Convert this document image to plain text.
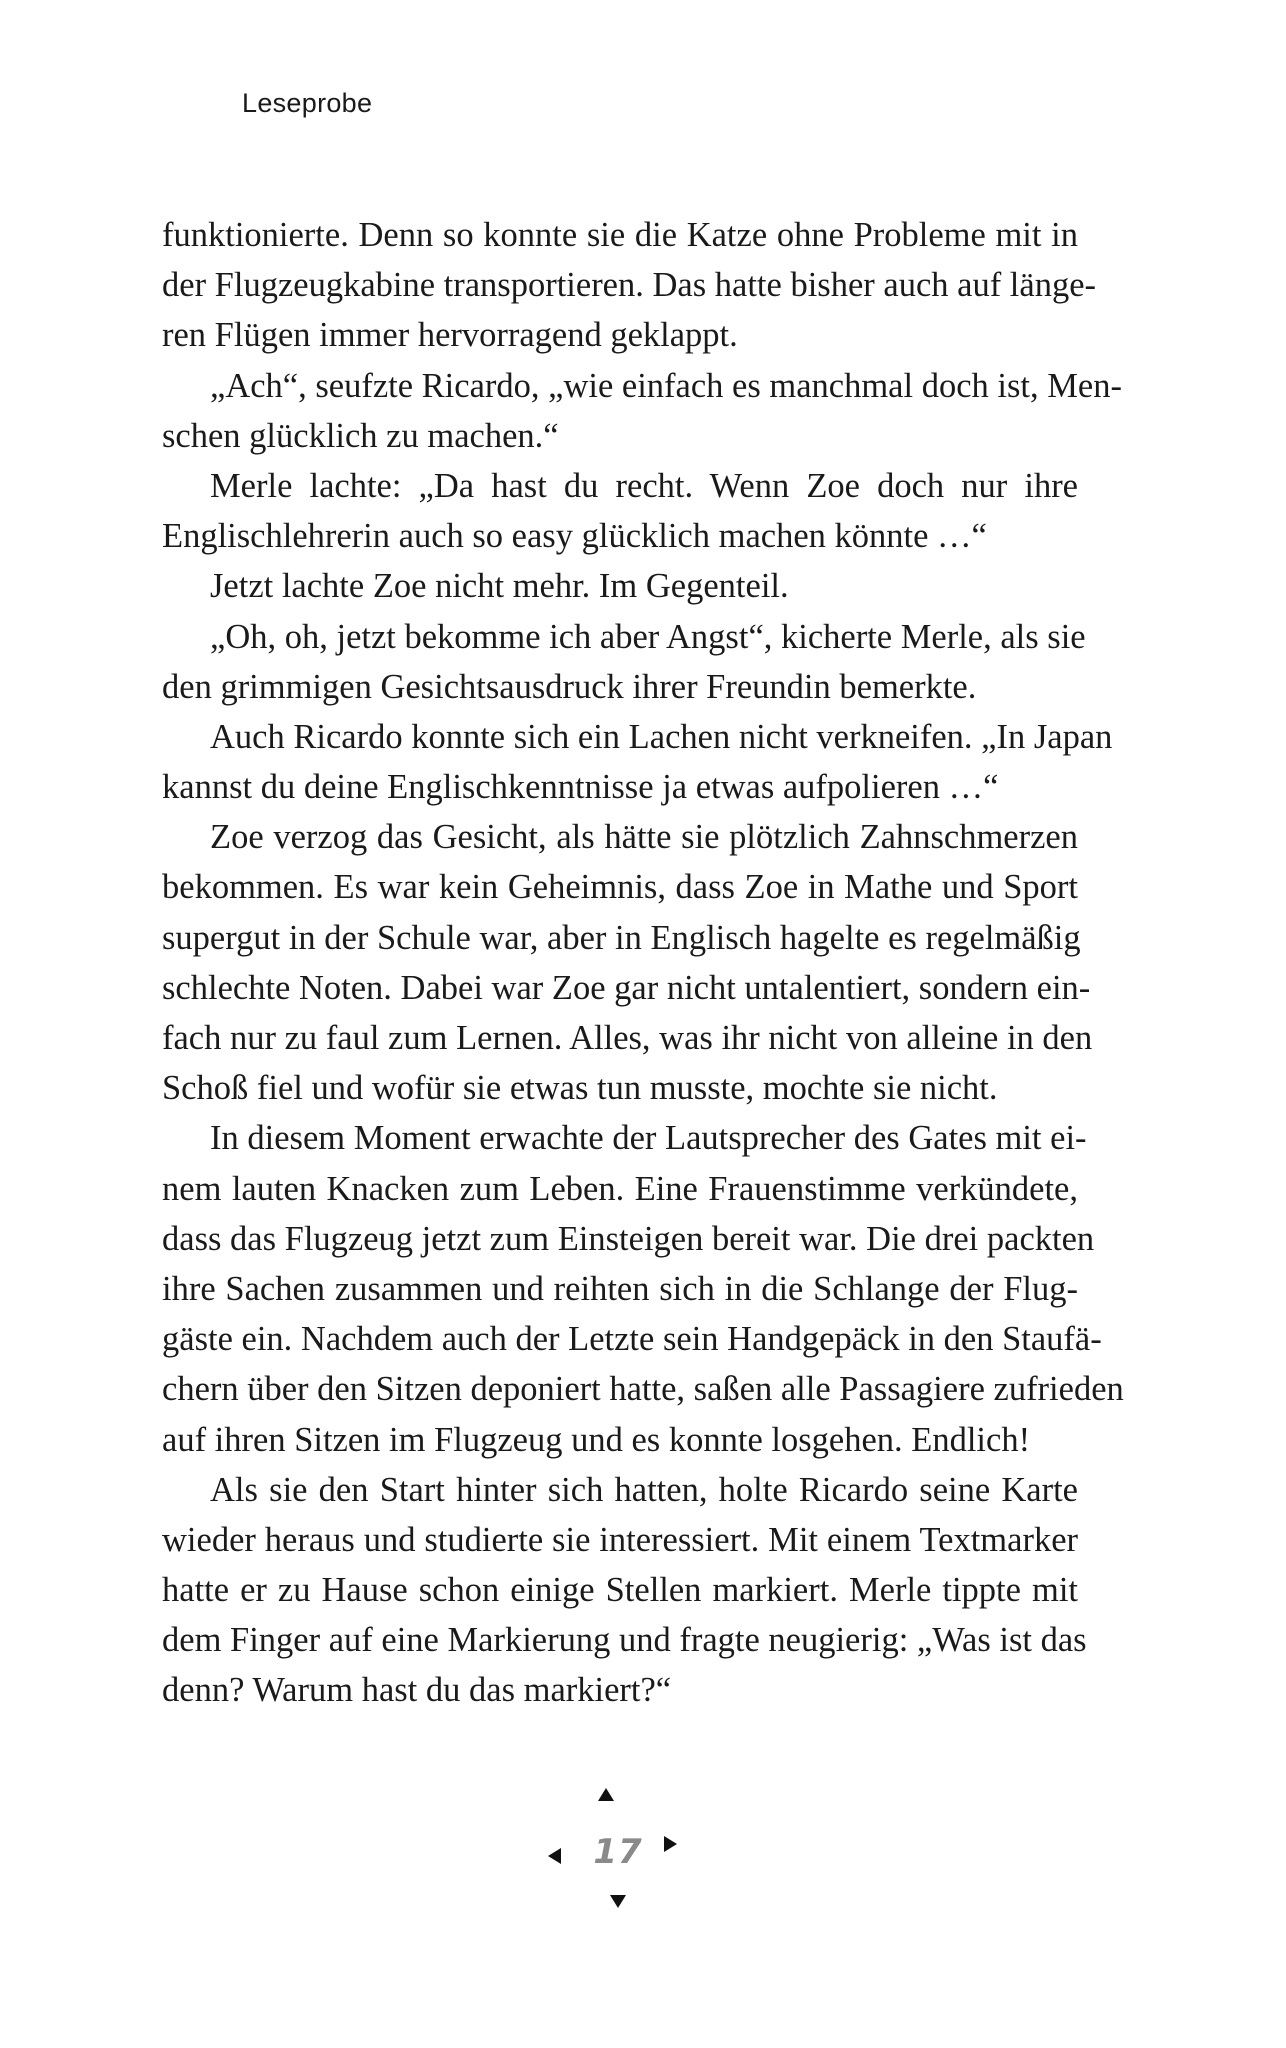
Leseprobe
funktionierte. Denn so konnte sie die Katze ohne Probleme mit in
der Flugzeugkabine transportieren. Das hatte bisher auch auf länge-
ren Flügen immer hervorragend geklappt.
„Ach“, seufzte Ricardo, „wie einfach es manchmal doch ist, Men-
schen glücklich zu machen.“
Merle lachte: „Da hast du recht. Wenn Zoe doch nur ihre
Englischlehrerin auch so easy glücklich machen könnte …“
Jetzt lachte Zoe nicht mehr. Im Gegenteil.
„Oh, oh, jetzt bekomme ich aber Angst“, kicherte Merle, als sie
den grimmigen Gesichtsausdruck ihrer Freundin bemerkte.
Auch Ricardo konnte sich ein Lachen nicht verkneifen. „In Japan
kannst du deine Englischkenntnisse ja etwas aufpolieren …“
Zoe verzog das Gesicht, als hätte sie plötzlich Zahnschmerzen
bekommen. Es war kein Geheimnis, dass Zoe in Mathe und Sport
supergut in der Schule war, aber in Englisch hagelte es regelmäßig
schlechte Noten. Dabei war Zoe gar nicht untalentiert, sondern ein-
fach nur zu faul zum Lernen. Alles, was ihr nicht von alleine in den
Schoß fiel und wofür sie etwas tun musste, mochte sie nicht.
In diesem Moment erwachte der Lautsprecher des Gates mit ei-
nem lauten Knacken zum Leben. Eine Frauenstimme verkündete,
dass das Flugzeug jetzt zum Einsteigen bereit war. Die drei packten
ihre Sachen zusammen und reihten sich in die Schlange der Flug-
gäste ein. Nachdem auch der Letzte sein Handgepäck in den Staufä-
chern über den Sitzen deponiert hatte, saßen alle Passagiere zufrieden
auf ihren Sitzen im Flugzeug und es konnte losgehen. Endlich!
Als sie den Start hinter sich hatten, holte Ricardo seine Karte
wieder heraus und studierte sie interessiert. Mit einem Textmarker
hatte er zu Hause schon einige Stellen markiert. Merle tippte mit
dem Finger auf eine Markierung und fragte neugierig: „Was ist das
denn? Warum hast du das markiert?“
17
